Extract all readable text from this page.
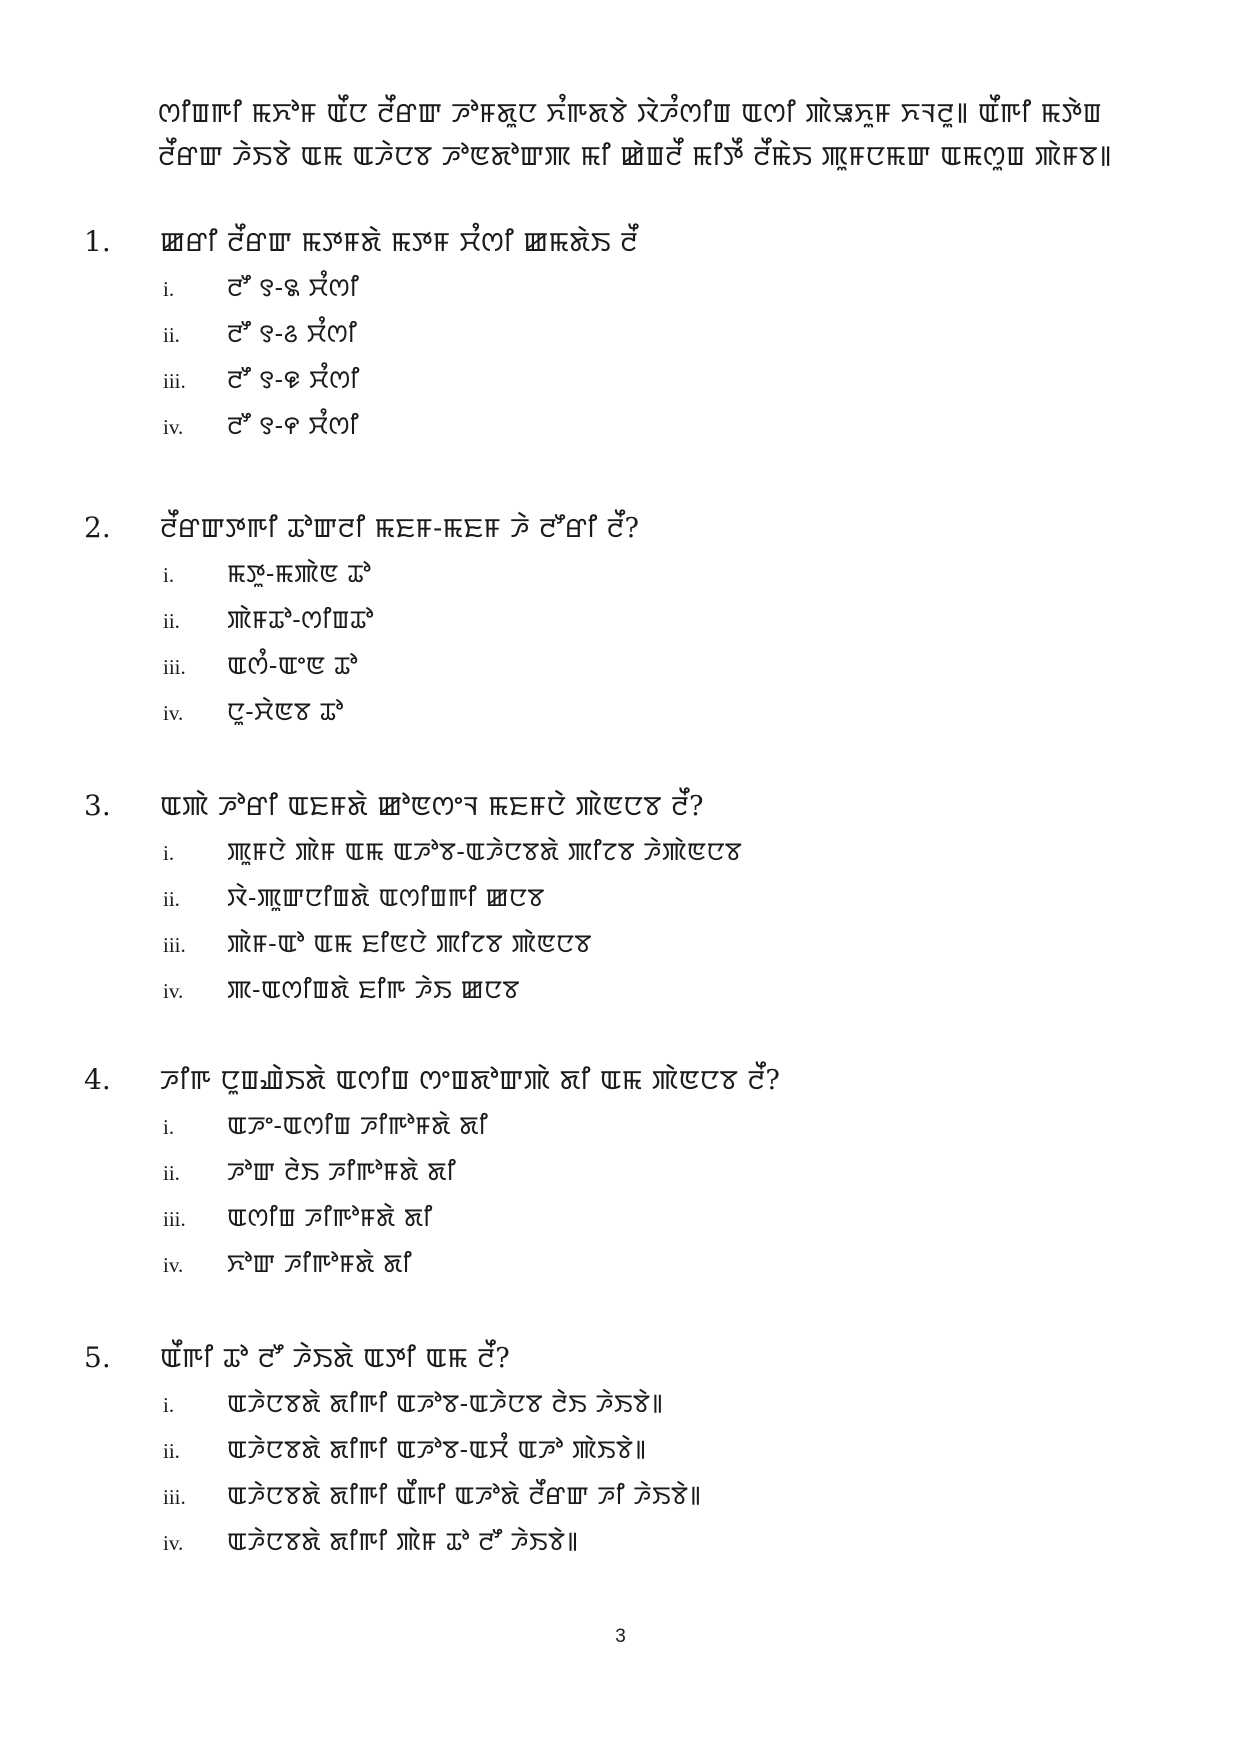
ꯁꯤꯡꯒꯤ ꯃꯈꯣꯝ ꯑꯩꯅ ꯂꯩꯔꯛ ꯍꯣꯝꯗꯨꯅ ꯈꯪꯒꯗꯕꯥ ꯋꯥꯍꯪꯁꯤꯡ ꯑꯁꯤ ꯄꯥꯎꯈꯨꯝ ꯈꯜꯂꯨ꯫ ꯑꯩꯒꯤ ꯃꯇꯥꯡ ꯂꯩꯔꯛ ꯍꯥꯏꯕꯥ ꯑꯃ ꯑꯍꯥꯅꯕ ꯍꯣꯟꯗꯣꯛꯄ ꯃꯤ ꯀꯥꯡꯂꯩ ꯃꯤꯇꯩ ꯂꯩꯃꯥꯏ ꯄꯨꯝꯅꯃꯛ ꯑꯃꯁꯨꯡ ꯄꯥꯝꯕ꯫
1.	ꯀꯔꯤ ꯂꯩꯔꯛ ꯃꯇꯝꯗꯥ ꯃꯇꯝ ꯆꯪꯁꯤ ꯀꯃꯗꯥꯏ ꯂꯩ
i.	ꯂꯧ ꯱-꯲ ꯆꯪꯁꯤ
ii.	ꯂꯧ ꯱-꯴ ꯆꯪꯁꯤ
iii.	ꯂꯧ ꯱-꯶ ꯆꯪꯁꯤ
iv.	ꯂꯧ ꯱-꯵ ꯆꯪꯁꯤ
2.	ꯂꯩꯔꯛꯇꯒꯤ ꯊꯣꯛꯂꯤ ꯃꯐꯝ-ꯃꯐꯝ ꯍꯥ ꯂꯧꯔꯤ ꯂꯩ?
i.	ꯃꯇꯨ-ꯃꯄꯥꯟ ꯊꯣ
ii.	ꯄꯥꯝꯊꯣ-ꯁꯤꯡꯊꯣ
iii.	ꯑꯁꯪ-ꯑꯦꯟ ꯊꯣ
iv.	ꯅꯨ-ꯆꯥꯟꯕ ꯊꯣ
3.	ꯑꯄꯥ ꯍꯣꯔꯤ ꯑꯐꯝꯗꯥ ꯀꯣꯟꯁꯦꯜ ꯃꯐꯝꯅꯥ ꯄꯥꯟꯅꯕ ꯂꯩ?
i.	ꯄꯨꯝꯅꯥ ꯄꯥꯝ ꯑꯃ ꯑꯍꯣꯕ-ꯑꯍꯥꯅꯕꯗꯥ ꯄꯤꯖꯕ ꯍꯥꯄꯥꯟꯅꯕ
ii.	ꯋꯥ-ꯄꯨꯛꯅꯤꯡꯗꯥ ꯑꯁꯤꯡꯒꯤ ꯀꯅꯕ
iii.	ꯄꯥꯝ-ꯑꯣ ꯑꯃ ꯐꯤꯟꯅꯥ ꯄꯤꯖꯕ ꯄꯥꯟꯅꯕ
iv.	ꯄ-ꯑꯁꯤꯡꯗꯥ ꯐꯤꯒ ꯍꯥꯏ ꯀꯅꯕ
4.	ꯍꯤꯒ ꯅꯨꯡꯉꯥꯏꯗꯥ ꯑꯁꯤꯡ ꯁꯦꯡꯗꯣꯛꯄꯥ ꯗꯤ ꯑꯃ ꯄꯥꯟꯅꯕ ꯂꯩ?
i.	ꯑꯍꯦ-ꯑꯁꯤꯡ ꯍꯤꯒꯣꯝꯗꯥ ꯗꯤ
ii.	ꯍꯣꯛ ꯂꯥꯏ ꯍꯤꯒꯣꯝꯗꯥ ꯗꯤ
iii.	ꯑꯁꯤꯡ ꯍꯤꯒꯣꯝꯗꯥ ꯗꯤ
iv.	ꯈꯣꯛ ꯍꯤꯒꯣꯝꯗꯥ ꯗꯤ
5.	ꯑꯩꯒꯤ ꯊꯣ ꯂꯧ ꯍꯥꯏꯗꯥ ꯑꯇꯤ ꯑꯃ ꯂꯩ?
i.	ꯑꯍꯥꯅꯕꯗꯥ ꯗꯤꯒꯤ ꯑꯍꯣꯕ-ꯑꯍꯥꯅꯕ ꯂꯥꯏ ꯍꯥꯏꯕꯥ꯫
ii.	ꯑꯍꯥꯅꯕꯗꯥ ꯗꯤꯒꯤ ꯑꯍꯣꯕ-ꯑꯆꯪ ꯑꯍꯣ ꯄꯥꯏꯕꯥ꯫
iii.	ꯑꯍꯥꯅꯕꯗꯥ ꯗꯤꯒꯤ ꯑꯩꯒꯤ ꯑꯍꯣꯗꯥ ꯂꯩꯔꯛ ꯍꯤ ꯍꯥꯏꯕꯥ꯫
iv.	ꯑꯍꯥꯅꯕꯗꯥ ꯗꯤꯒꯤ ꯄꯥꯝ ꯊꯣ ꯂꯧ ꯍꯥꯏꯕꯥ꯫
3
